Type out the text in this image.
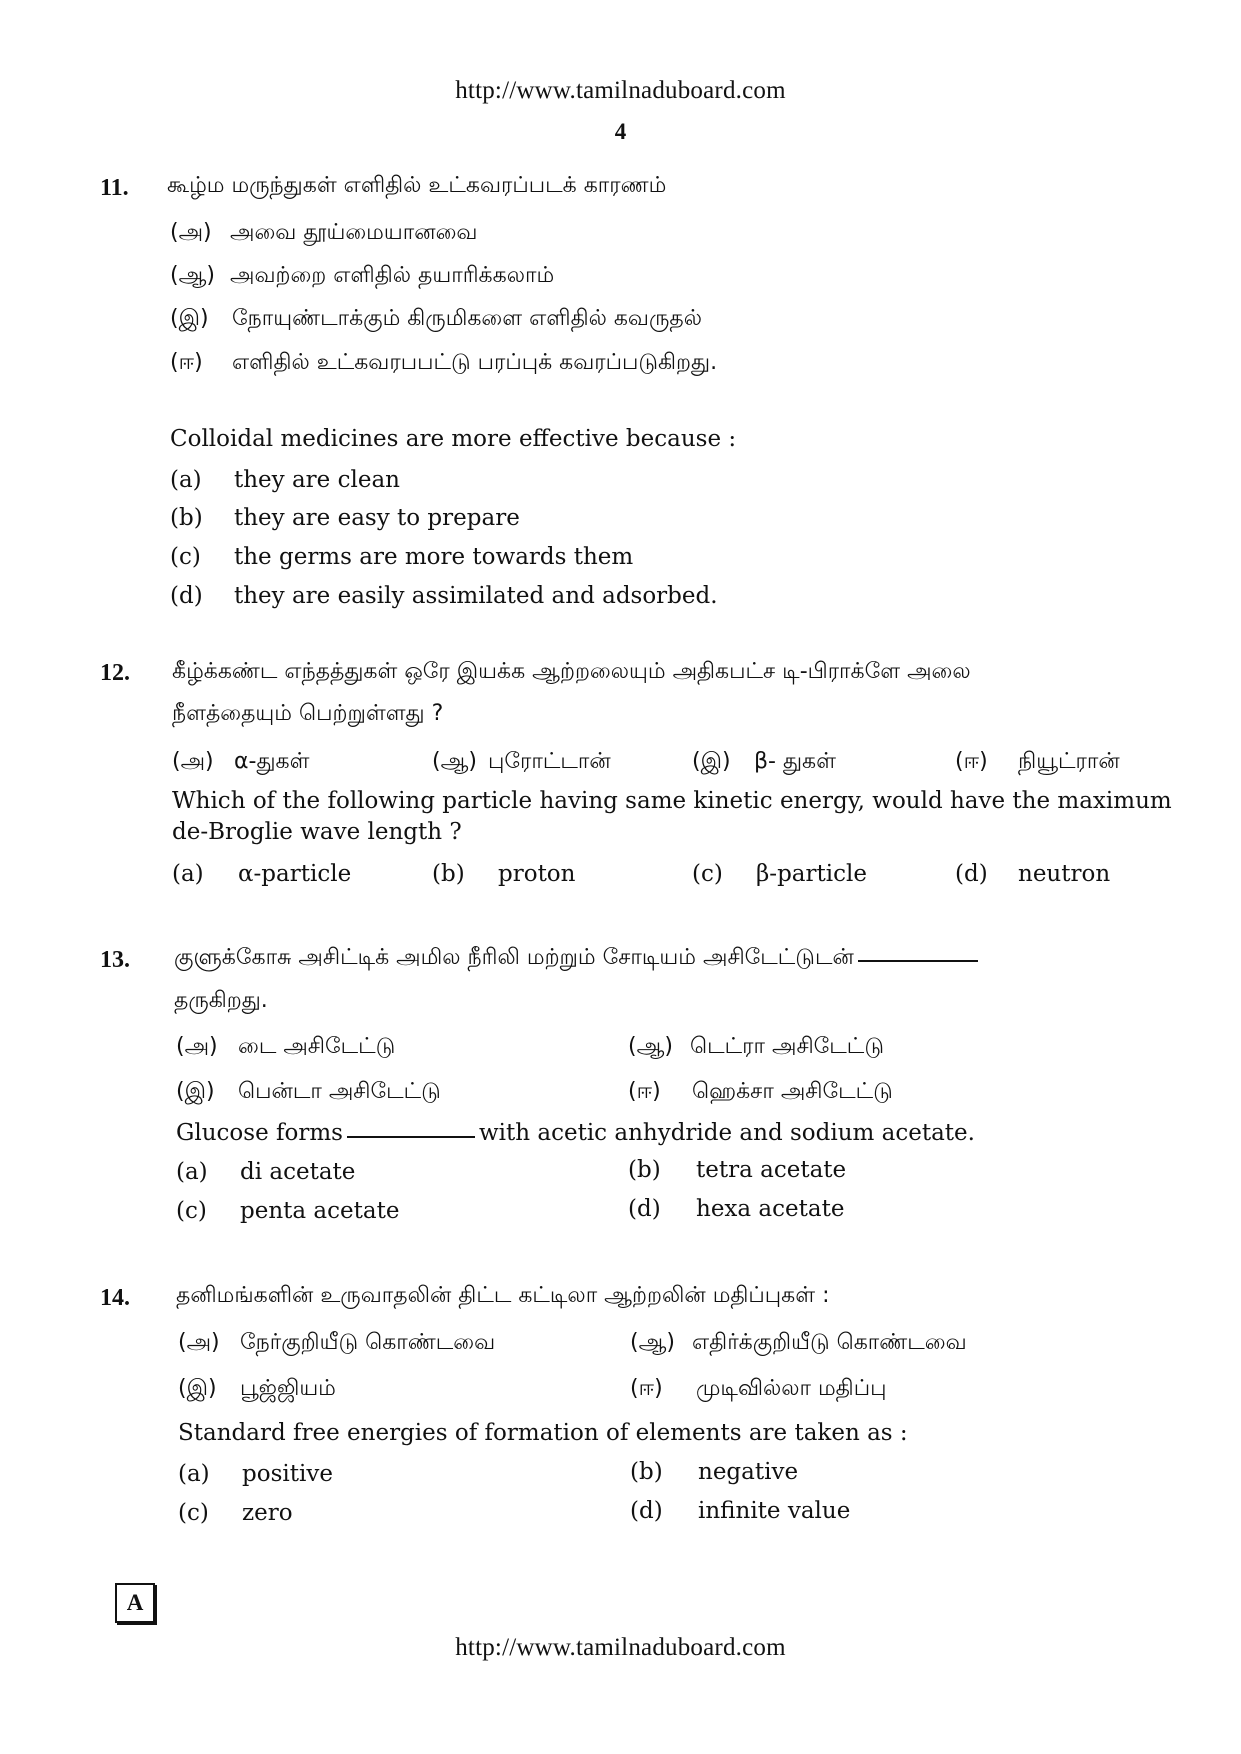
http://www.tamilnaduboard.com
4
11. கூழ்ம மருந்துகள் எளிதில் உட்கவரப்படக் காரணம்
(அ) அவை தூய்மையானவை
(ஆ) அவற்றை எளிதில் தயாரிக்கலாம்
(இ) நோயுண்டாக்கும் கிருமிகளை எளிதில் கவருதல்
(ஈ) எளிதில் உட்கவரபபட்டு பரப்புக் கவரப்படுகிறது.
Colloidal medicines are more effective because :
(a) they are clean
(b) they are easy to prepare
(c) the germs are more towards them
(d) they are easily assimilated and adsorbed.
12. கீழ்க்கண்ட எந்தத்துகள் ஒரே இயக்க ஆற்றலையும் அதிகபட்ச டி-பிராக்ளே அலை
நீளத்தையும் பெற்றுள்ளது ?
(அ) α-துகள்	(ஆ) புரோட்டான்	(இ) β- துகள்	(ஈ) நியூட்ரான்
Which of the following particle having same kinetic energy, would have the maximum
de-Broglie wave length ?
(a) α-particle	(b) proton	(c) β-particle	(d) neutron
13. குளுக்கோசு அசிட்டிக் அமில நீரிலி மற்றும் சோடியம் அசிடேட்டுடன்
தருகிறது.
(அ) டை அசிடேட்டு	(ஆ) டெட்ரா அசிடேட்டு
(இ) பென்டா அசிடேட்டு	(ஈ) ஹெக்சா அசிடேட்டு
Glucose forms	with acetic anhydride and sodium acetate.
(a) di acetate	(b) tetra acetate
(c) penta acetate	(d) hexa acetate
14. தனிமங்களின் உருவாதலின் திட்ட கட்டிலா ஆற்றலின் மதிப்புகள் :
(அ) நேர்குறியீடு கொண்டவை	(ஆ) எதிர்க்குறியீடு கொண்டவை
(இ) பூஜ்ஜியம்	(ஈ) முடிவில்லா மதிப்பு
Standard free energies of formation of elements are taken as :
(a) positive	(b) negative
(c) zero	(d) infinite value
A
http://www.tamilnaduboard.com
